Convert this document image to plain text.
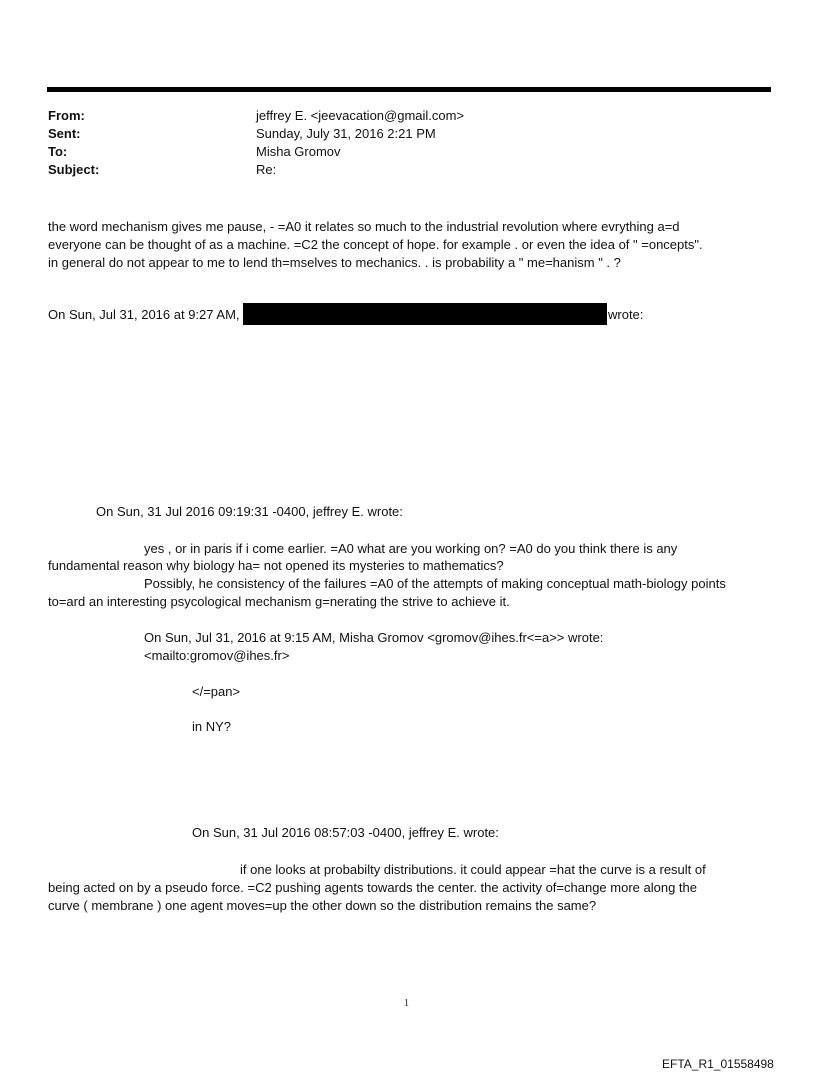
From:	jeffrey E. <jeevacation@gmail.com>
Sent:	Sunday, July 31, 2016 2:21 PM
To:	Misha Gromov
Subject:	Re:
the word mechanism gives me pause, - =A0 it relates so much to the industrial revolution where evrything a=d
everyone can be thought of as a machine. =C2 the concept of hope. for example . or even the idea of " =oncepts".
in general do not appear to me to lend th=mselves to mechanics. . is probability a " me=hanism " . ?
On Sun, Jul 31, 2016 at 9:27 AM,	wrote:
On Sun, 31 Jul 2016 09:19:31 -0400, jeffrey E. wrote:
yes , or in paris if i come earlier. =A0 what are you working on? =A0 do you think there is any
fundamental reason why biology ha= not opened its mysteries to mathematics?
Possibly, he consistency of the failures =A0 of the attempts of making conceptual math-biology points
to=ard an interesting psycological mechanism g=nerating the strive to achieve it.
On Sun, Jul 31, 2016 at 9:15 AM, Misha Gromov <gromov@ihes.fr<=a>> wrote:
<mailto:gromov@ihes.fr>
</=pan>
in NY?
On Sun, 31 Jul 2016 08:57:03 -0400, jeffrey E. wrote:
if one looks at probabilty distributions. it could appear =hat the curve is a result of
being acted on by a pseudo force. =C2 pushing agents towards the center. the activity of=change more along the
curve ( membrane ) one agent moves=up the other down so the distribution remains the same?
1
EFTA_R1_01558498
